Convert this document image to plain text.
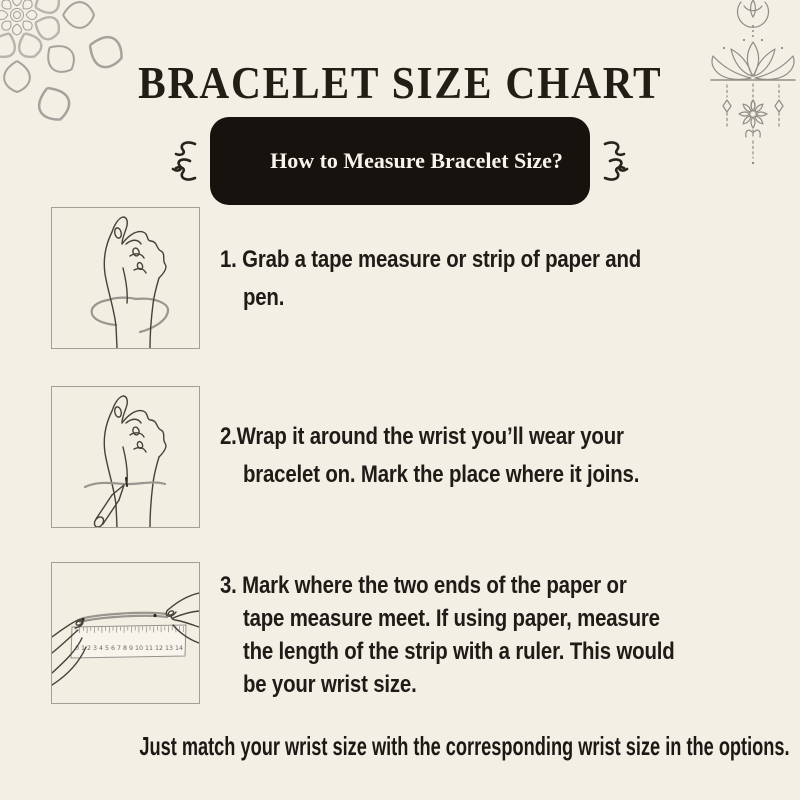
BRACELET SIZE CHART

How to Measure Bracelet Size?

1. Grab a tape measure or strip of paper and
pen.
2.Wrap it around the wrist you’ll wear your
bracelet on. Mark the place where it joins.
0 1 2 3 4 5 6 7 8 9 10 11 12 13 14
3. Mark where the two ends of the paper or
tape measure meet. If using paper, measure
the length of the strip with a ruler. This would
be your wrist size.
Just match your wrist size with the corresponding wrist size in the options.
